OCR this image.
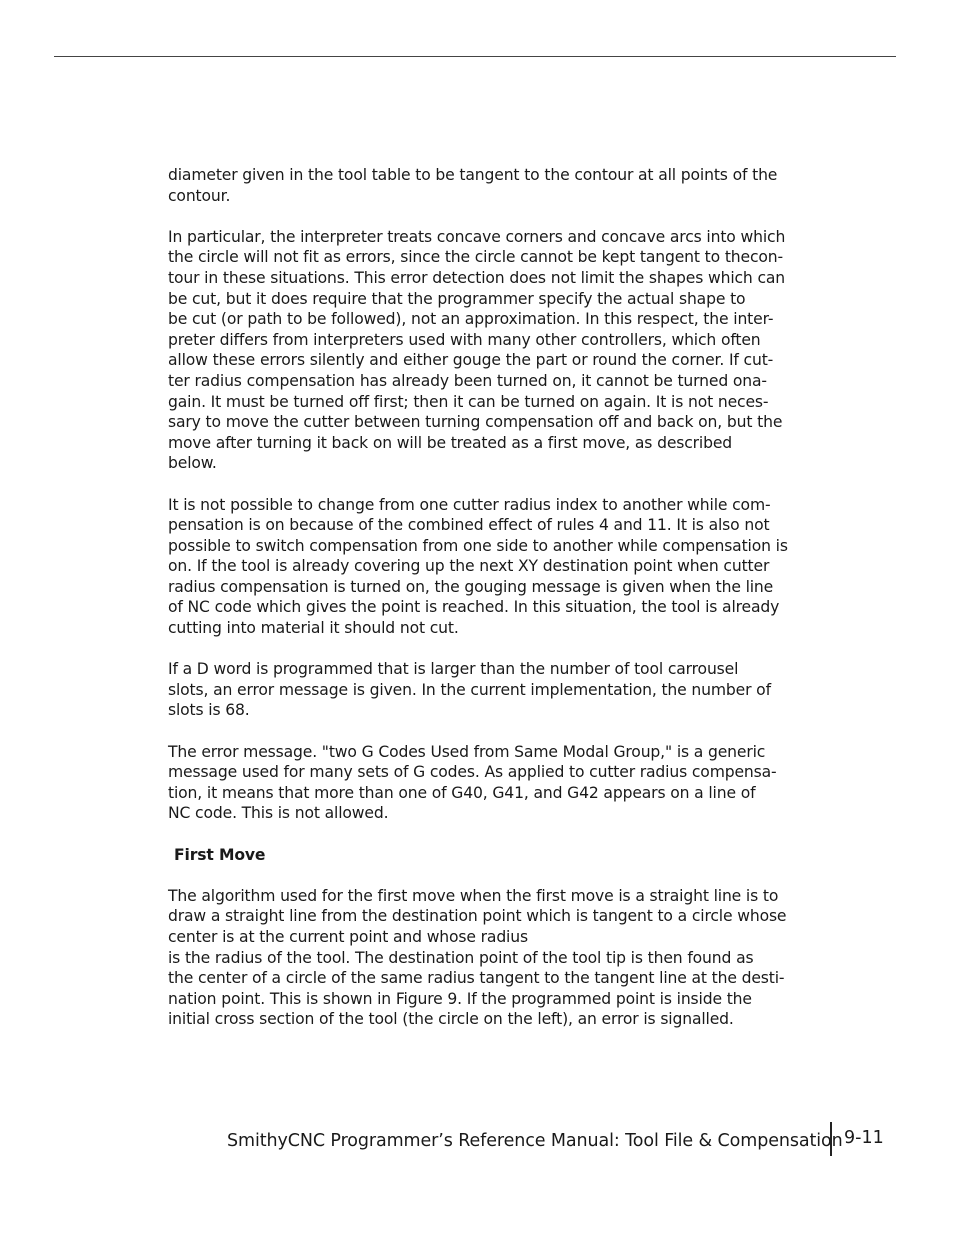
diameter given in the tool table to be tangent to the contour at all points of the
contour.

In particular, the interpreter treats concave corners and concave arcs into which
the circle will not fit as errors, since the circle cannot be kept tangent to thecon-
tour in these situations. This error detection does not limit the shapes which can
be cut, but it does require that the programmer specify the actual shape to
be cut (or path to be followed), not an approximation. In this respect, the inter-
preter differs from interpreters used with many other controllers, which often
allow these errors silently and either gouge the part or round the corner. If cut-
ter radius compensation has already been turned on, it cannot be turned ona-
gain. It must be turned off first; then it can be turned on again. It is not neces-
sary to move the cutter between turning compensation off and back on, but the
move after turning it back on will be treated as a first move, as described
below.

It is not possible to change from one cutter radius index to another while com-
pensation is on because of the combined effect of rules 4 and 11. It is also not
possible to switch compensation from one side to another while compensation is
on. If the tool is already covering up the next XY destination point when cutter
radius compensation is turned on, the gouging message is given when the line
of NC code which gives the point is reached. In this situation, the tool is already
cutting into material it should not cut.

If a D word is programmed that is larger than the number of tool carrousel
slots, an error message is given. In the current implementation, the number of
slots is 68.

The error message. "two G Codes Used from Same Modal Group," is a generic
message used for many sets of G codes. As applied to cutter radius compensa-
tion, it means that more than one of G40, G41, and G42 appears on a line of
NC code. This is not allowed.

First Move

The algorithm used for the first move when the first move is a straight line is to
draw a straight line from the destination point which is tangent to a circle whose
center is at the current point and whose radius
is the radius of the tool. The destination point of the tool tip is then found as
the center of a circle of the same radius tangent to the tangent line at the desti-
nation point. This is shown in Figure 9. If the programmed point is inside the
initial cross section of the tool (the circle on the left), an error is signalled.

SmithyCNC Programmer’s Reference Manual: Tool File & Compensation 9-11
